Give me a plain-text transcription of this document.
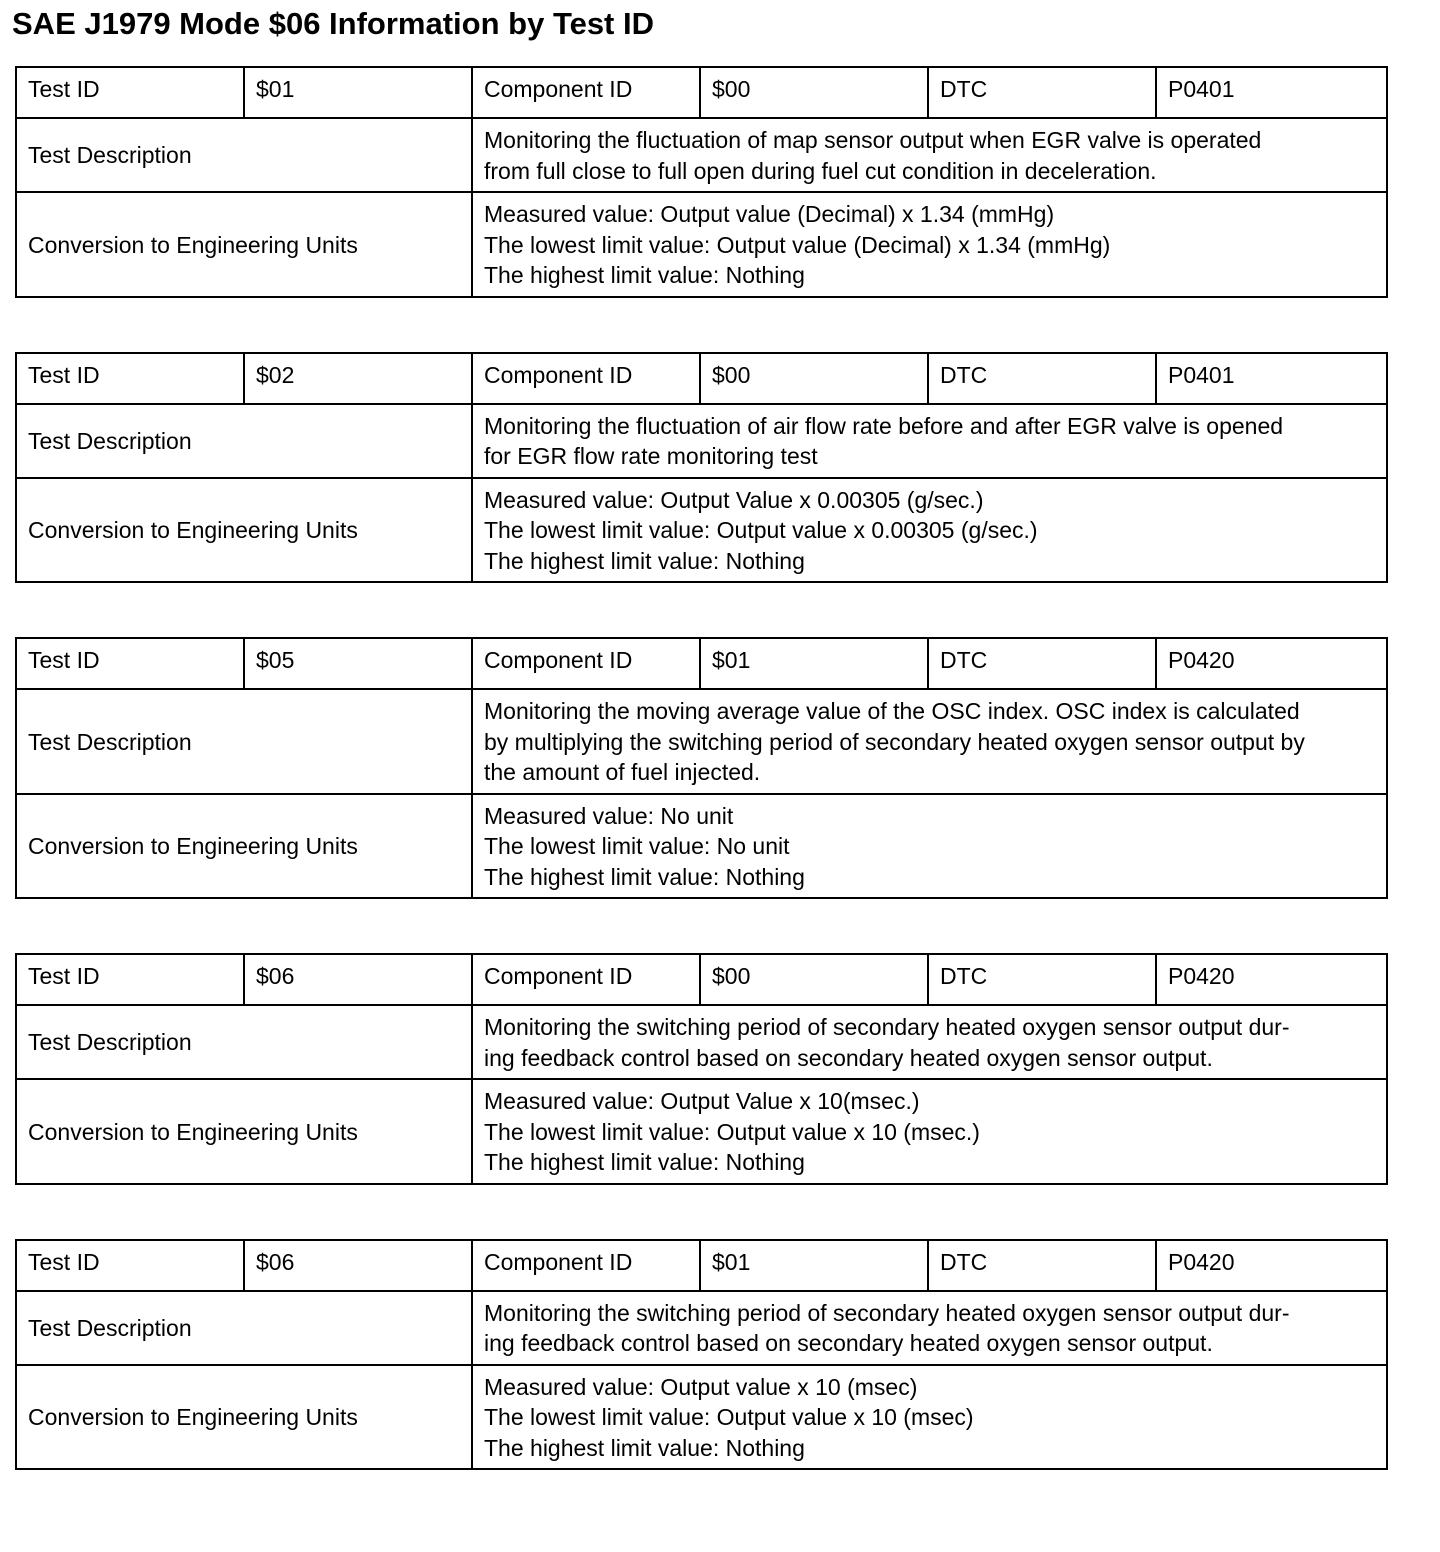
SAE J1979 Mode $06 Information by Test ID
Test ID	$01	Component ID	$00	DTC	P0401
Test Description		Monitoring the fluctuation of map sensor output when EGR valve is operated
from full close to full open during fuel cut condition in deceleration.			

Conversion to Engineering Units		Measured value: Output value (Decimal) x 1.34 (mmHg)
The lowest limit value: Output value (Decimal) x 1.34 (mmHg)
The highest limit value: Nothing			
Test ID	$02	Component ID	$00	DTC	P0401
Test Description		Monitoring the fluctuation of air flow rate before and after EGR valve is opened
for EGR flow rate monitoring test			

Conversion to Engineering Units		Measured value: Output Value x 0.00305 (g/sec.)
The lowest limit value: Output value x 0.00305 (g/sec.)
The highest limit value: Nothing			
Test ID	$05	Component ID	$01	DTC	P0420
Test Description		Monitoring the moving average value of the OSC index. OSC index is calculated
by multiplying the switching period of secondary heated oxygen sensor output by
the amount of fuel injected.			

Conversion to Engineering Units		Measured value: No unit
The lowest limit value: No unit
The highest limit value: Nothing			
Test ID	$06	Component ID	$00	DTC	P0420
Test Description		Monitoring the switching period of secondary heated oxygen sensor output dur-
ing feedback control based on secondary heated oxygen sensor output.			

Conversion to Engineering Units		Measured value: Output Value x 10(msec.)
The lowest limit value: Output value x 10 (msec.)
The highest limit value: Nothing			
Test ID	$06	Component ID	$01	DTC	P0420
Test Description		Monitoring the switching period of secondary heated oxygen sensor output dur-
ing feedback control based on secondary heated oxygen sensor output.			

Conversion to Engineering Units		Measured value: Output value x 10 (msec)
The lowest limit value: Output value x 10 (msec)
The highest limit value: Nothing			
